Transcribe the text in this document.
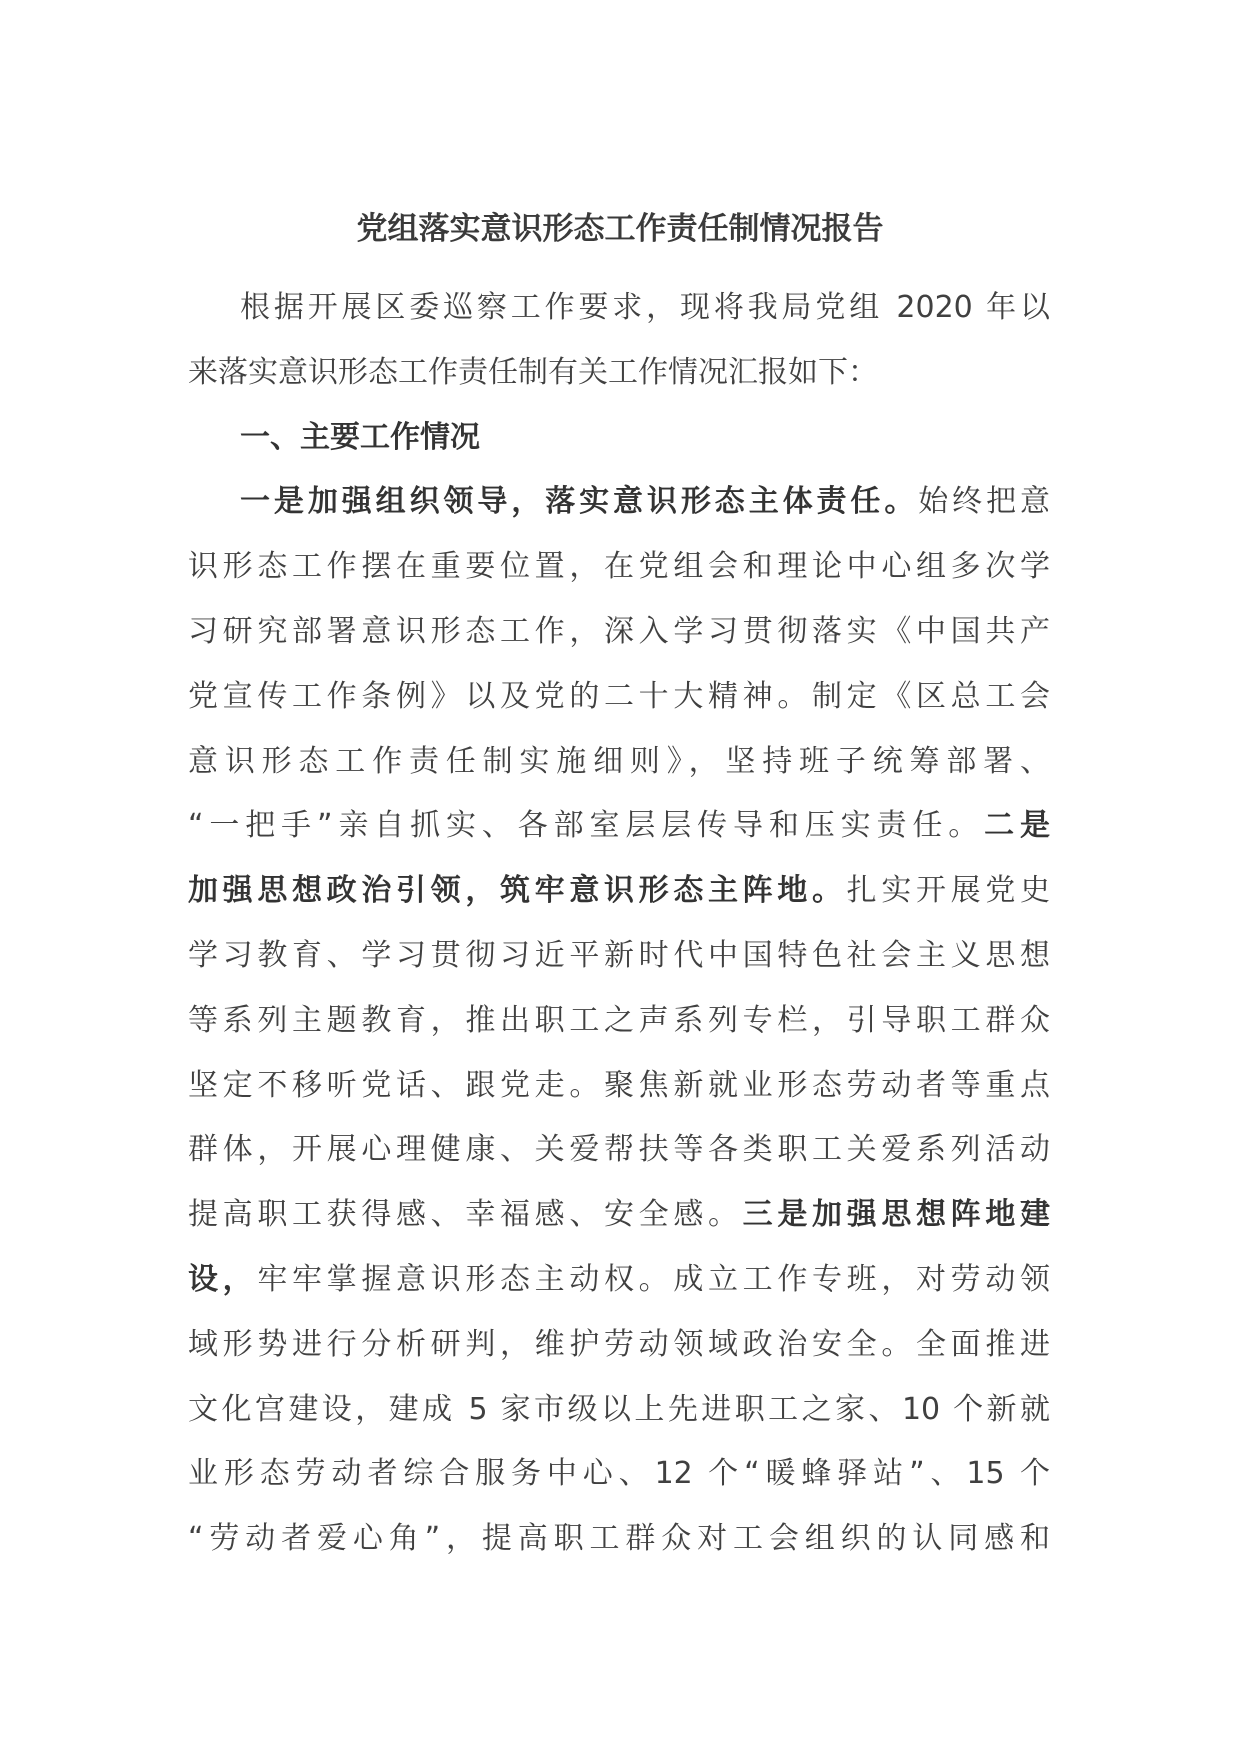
党组落实意识形态工作责任制情况报告
根据开展区委巡察工作要求，现将我局党组 2020 年以
来落实意识形态工作责任制有关工作情况汇报如下：
一、主要工作情况
一是加强组织领导，落实意识形态主体责任。始终把意
识形态工作摆在重要位置，在党组会和理论中心组多次学
习研究部署意识形态工作，深入学习贯彻落实《中国共产
党宣传工作条例》以及党的二十大精神。制定《区总工会
意识形态工作责任制实施细则》，坚持班子统筹部署、
“一把手”亲自抓实、各部室层层传导和压实责任。二是
加强思想政治引领，筑牢意识形态主阵地。扎实开展党史
学习教育、学习贯彻习近平新时代中国特色社会主义思想
等系列主题教育，推出职工之声系列专栏，引导职工群众
坚定不移听党话、跟党走。聚焦新就业形态劳动者等重点
群体，开展心理健康、关爱帮扶等各类职工关爱系列活动
提高职工获得感、幸福感、安全感。三是加强思想阵地建
设，牢牢掌握意识形态主动权。成立工作专班，对劳动领
域形势进行分析研判，维护劳动领域政治安全。全面推进
文化宫建设，建成 5 家市级以上先进职工之家、10 个新就
业形态劳动者综合服务中心、12 个“暖蜂驿站”、15 个
“劳动者爱心角”，提高职工群众对工会组织的认同感和
